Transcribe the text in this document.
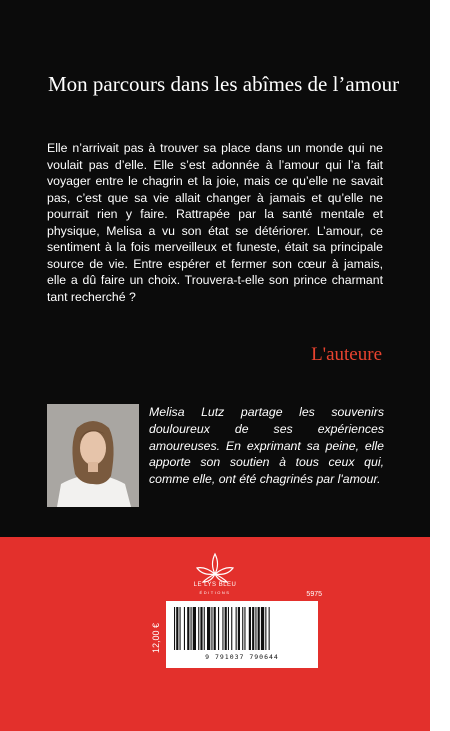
Mon parcours dans les abîmes de l’amour

Elle n’arrivait pas à trouver sa place dans un monde qui ne voulait pas d’elle. Elle s’est adonnée à l’amour qui l’a fait voyager entre le chagrin et la joie, mais ce qu’elle ne savait pas, c’est que sa vie allait changer à jamais et qu’elle ne pourrait rien y faire. Rattrapée par la santé mentale et physique, Melisa a vu son état se détériorer. L’amour, ce sentiment à la fois merveilleux et funeste, était sa principale source de vie. Entre espérer et fermer son cœur à jamais, elle a dû faire un choix. Trouvera-t-elle son prince charmant tant recherché ?

L'auteure

Melisa Lutz partage les souvenirs douloureux de ses expériences amoureuses. En exprimant sa peine, elle apporte son soutien à tous ceux qui, comme elle, ont été chagrinés par l'amour.

LE LYS BLEU
ÉDITIONS	5975
12,00 €
9 791037 790644
